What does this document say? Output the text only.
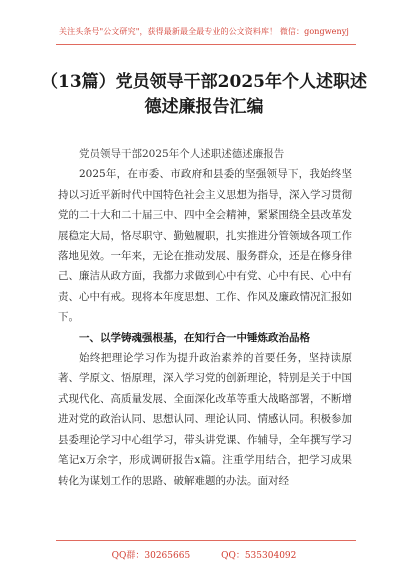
关注头条号"公文研究"，获得最新最全最专业的公文资料库！ 微信：gongwenyj
（13篇）党员领导干部2025年个人述职述德述廉报告汇编

党员领导干部2025年个人述职述德述廉报告

2025年，在市委、市政府和县委的坚强领导下，我始终坚持以习近平新时代中国特色社会主义思想为指导，深入学习贯彻党的二十大和二十届三中、四中全会精神，紧紧围绕全县改革发展稳定大局，恪尽职守、勤勉履职，扎实推进分管领域各项工作落地见效。一年来，无论在推动发展、服务群众，还是在修身律己、廉洁从政方面，我都力求做到心中有党、心中有民、心中有责、心中有戒。现将本年度思想、工作、作风及廉政情况汇报如下。

一、以学铸魂强根基，在知行合一中锤炼政治品格

始终把理论学习作为提升政治素养的首要任务，坚持读原著、学原文、悟原理，深入学习党的创新理论，特别是关于中国式现代化、高质量发展、全面深化改革等重大战略部署，不断增进对党的政治认同、思想认同、理论认同、情感认同。积极参加县委理论学习中心组学习，带头讲党课、作辅导，全年撰写学习笔记x万余字，形成调研报告x篇。注重学用结合，把学习成果转化为谋划工作的思路、破解难题的办法。面对经

QQ群：30265665	QQ：535304092
